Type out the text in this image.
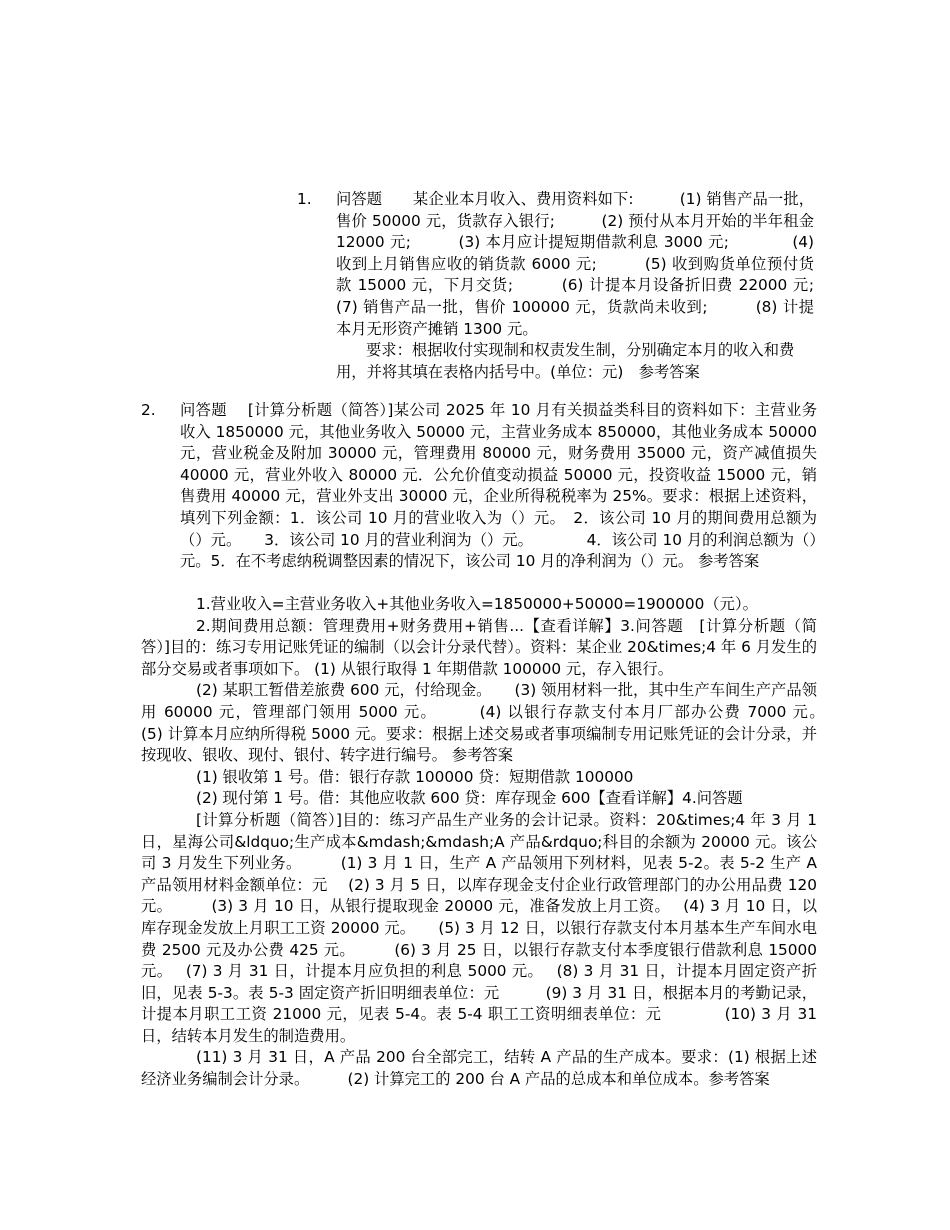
1. 问答题　　某企业本月收入、费用资料如下:　　　(1) 销售产品一批，售价 50000 元，货款存入银行;　　　(2) 预付从本月开始的半年租金 12000 元;　　　(3) 本月应计提短期借款利息 3000 元;　　　　(4) 收到上月销售应收的销货款 6000 元;　　　(5) 收到购货单位预付货款 15000 元，下月交货;　　　(6) 计提本月设备折旧费 22000 元;　　　(7) 销售产品一批，售价 100000 元，货款尚未收到;　　　(8) 计提本月无形资产摊销 1300 元。
要求：根据收付实现制和权责发生制，分别确定本月的收入和费用，并将其填在表格内括号中。(单位：元)　参考答案
2. 问答题　 [计算分析题（简答）]某公司 2025 年 10 月有关损益类科目的资料如下：主营业务收入 1850000 元，其他业务收入 50000 元，主营业务成本 850000，其他业务成本 50000 元，营业税金及附加 30000 元，管理费用 80000 元，财务费用 35000 元，资产减值损失 40000 元，营业外收入 80000 元．公允价值变动损益 50000 元，投资收益 15000 元，销售费用 40000 元，营业外支出 30000 元，企业所得税税率为 25%。要求：根据上述资料，填列下列金额：1．该公司 10 月的营业收入为（）元。　2．该公司 10 月的期间费用总额为（）元。　　3．该公司 10 月的营业利润为（）元。　　　　4．该公司 10 月的利润总额为（）元。5．在不考虑纳税调整因素的情况下，该公司 10 月的净利润为（）元。 参考答案

1.营业收入=主营业务收入+其他业务收入=1850000+50000=1900000（元）。

2.期间费用总额：管理费用+财务费用+销售...【查看详解】3.问答题　[计算分析题（简答）]目的：练习专用记账凭证的编制（以会计分录代替）。资料：某企业 20&times;4 年 6 月发生的部分交易或者事项如下。 (1) 从银行取得 1 年期借款 100000 元，存入银行。

(2) 某职工暂借差旅费 600 元，付给现金。　　(3) 领用材料一批，其中生产车间生产产品领用 60000 元，管理部门领用 5000 元。　　　(4) 以银行存款支付本月厂部办公费 7000 元。　　　(5) 计算本月应纳所得税 5000 元。要求：根据上述交易或者事项编制专用记账凭证的会计分录，并按现收、银收、现付、银付、转字进行编号。 参考答案

(1) 银收第 1 号。借：银行存款 100000 贷：短期借款 100000

(2) 现付第 1 号。借：其他应收款 600 贷：库存现金 600【查看详解】4.问答题

[计算分析题（简答）]目的：练习产品生产业务的会计记录。资料：20&times;4 年 3 月 1 日，星海公司&ldquo;生产成本&mdash;&mdash;A 产品&rdquo;科目的余额为 20000 元。该公司 3 月发生下列业务。　　　(1) 3 月 1 日，生产 A 产品领用下列材料，见表 5-2。表 5-2 生产 A 产品领用材料金额单位：元　 (2) 3 月 5 日，以库存现金支付企业行政管理部门的办公用品费 120 元。　　　(3) 3 月 10 日，从银行提取现金 20000 元，准备发放上月工资。　 (4) 3 月 10 日，以库存现金发放上月职工工资 20000 元。　　(5) 3 月 12 日，以银行存款支付本月基本生产车间水电费 2500 元及办公费 425 元。　　　(6) 3 月 25 日，以银行存款支付本季度银行借款利息 15000 元。　 (7) 3 月 31 日，计提本月应负担的利息 5000 元。　 (8) 3 月 31 日，计提本月固定资产折旧，见表 5-3。表 5-3 固定资产折旧明细表单位：元　　　(9) 3 月 31 日，根据本月的考勤记录，计提本月职工工资 21000 元，见表 5-4。表 5-4 职工工资明细表单位：元　　　　(10) 3 月 31 日，结转本月发生的制造费用。

(11) 3 月 31 日，A 产品 200 台全部完工，结转 A 产品的生产成本。要求：(1) 根据上述经济业务编制会计分录。　　　(2) 计算完工的 200 台 A 产品的总成本和单位成本。参考答案
